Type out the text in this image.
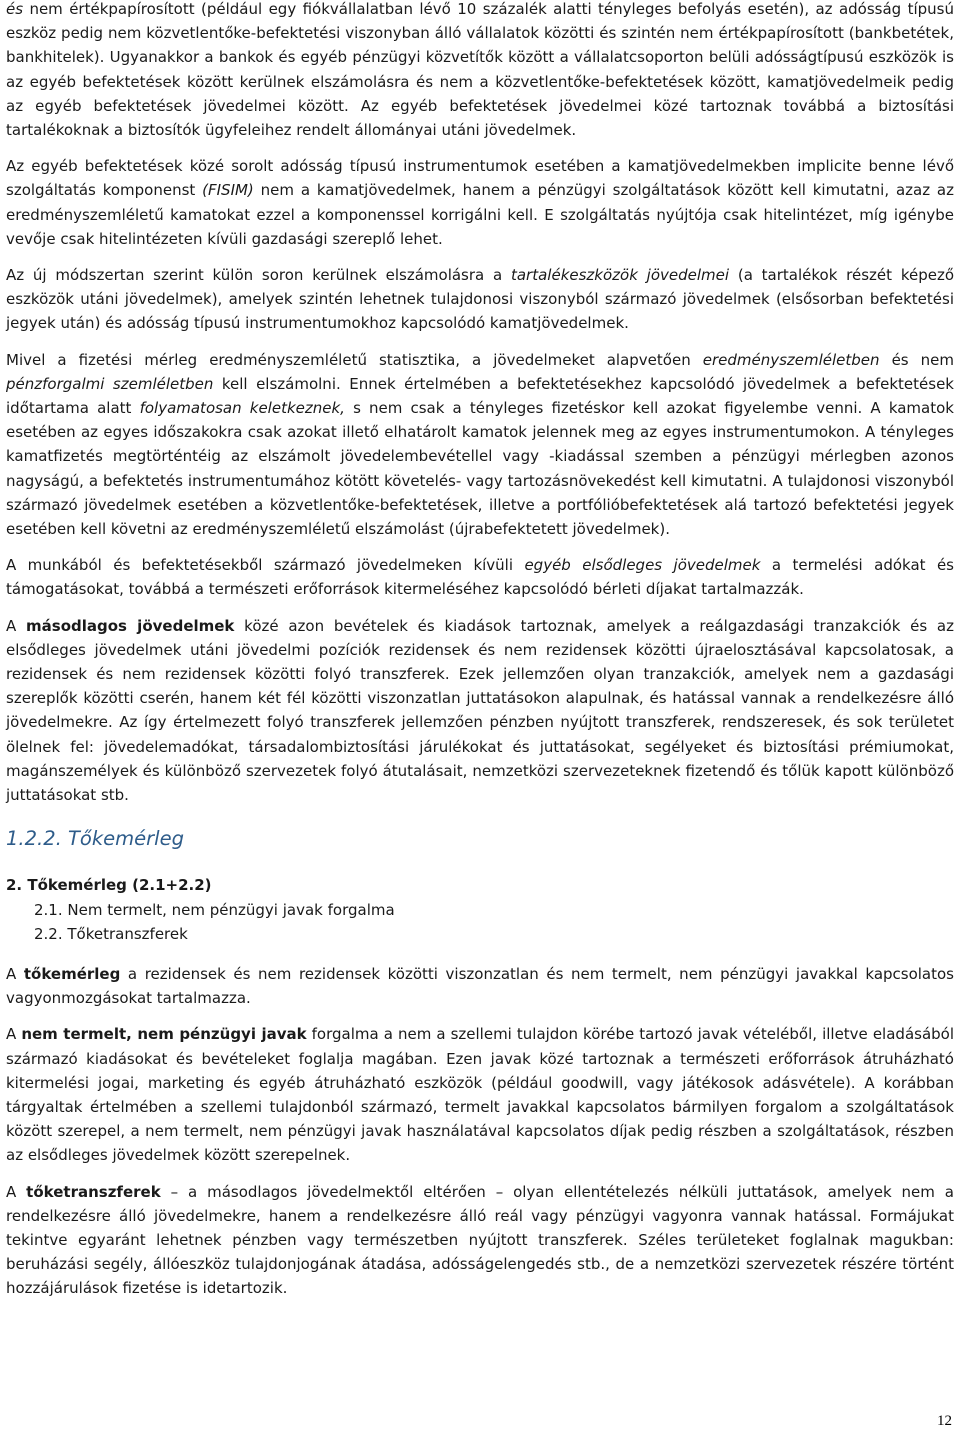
és nem értékpapírosított (például egy fiókvállalatban lévő 10 százalék alatti tényleges befolyás esetén), az adósság típusú eszköz pedig nem közvetlentőke-befektetési viszonyban álló vállalatok közötti és szintén nem értékpapírosított (bankbetétek, bankhitelek). Ugyanakkor a bankok és egyéb pénzügyi közvetítők között a vállalatcsoporton belüli adósságtípusú eszközök is az egyéb befektetések között kerülnek elszámolásra és nem a közvetlentőke-befektetések között, kamatjövedelmeik pedig az egyéb befektetések jövedelmei között. Az egyéb befektetések jövedelmei közé tartoznak továbbá a biztosítási tartalékoknak a biztosítók ügyfeleihez rendelt állományai utáni jövedelmek.

Az egyéb befektetések közé sorolt adósság típusú instrumentumok esetében a kamatjövedelmekben implicite benne lévő szolgáltatás komponenst (FISIM) nem a kamatjövedelmek, hanem a pénzügyi szolgáltatások között kell kimutatni, azaz az eredményszemléletű kamatokat ezzel a komponenssel korrigálni kell. E szolgáltatás nyújtója csak hitelintézet, míg igénybe vevője csak hitelintézeten kívüli gazdasági szereplő lehet.

Az új módszertan szerint külön soron kerülnek elszámolásra a tartalékeszközök jövedelmei (a tartalékok részét képező eszközök utáni jövedelmek), amelyek szintén lehetnek tulajdonosi viszonyból származó jövedelmek (elsősorban befektetési jegyek után) és adósság típusú instrumentumokhoz kapcsolódó kamatjövedelmek.

Mivel a fizetési mérleg eredményszemléletű statisztika, a jövedelmeket alapvetően eredményszemléletben és nem pénzforgalmi szemléletben kell elszámolni. Ennek értelmében a befektetésekhez kapcsolódó jövedelmek a befektetések időtartama alatt folyamatosan keletkeznek, s nem csak a tényleges fizetéskor kell azokat figyelembe venni. A kamatok esetében az egyes időszakokra csak azokat illető elhatárolt kamatok jelennek meg az egyes instrumentumokon. A tényleges kamatfizetés megtörténtéig az elszámolt jövedelembevétellel vagy -kiadással szemben a pénzügyi mérlegben azonos nagyságú, a befektetés instrumentumához kötött követelés- vagy tartozásnövekedést kell kimutatni. A tulajdonosi viszonyból származó jövedelmek esetében a közvetlentőke-befektetések, illetve a portfólióbefektetések alá tartozó befektetési jegyek esetében kell követni az eredményszemléletű elszámolást (újrabefektetett jövedelmek).

A munkából és befektetésekből származó jövedelmeken kívüli egyéb elsődleges jövedelmek a termelési adókat és támogatásokat, továbbá a természeti erőforrások kitermeléséhez kapcsolódó bérleti díjakat tartalmazzák.

A másodlagos jövedelmek közé azon bevételek és kiadások tartoznak, amelyek a reálgazdasági tranzakciók és az elsődleges jövedelmek utáni jövedelmi pozíciók rezidensek és nem rezidensek közötti újraelosztásával kapcsolatosak, a rezidensek és nem rezidensek közötti folyó transzferek. Ezek jellemzően olyan tranzakciók, amelyek nem a gazdasági szereplők közötti cserén, hanem két fél közötti viszonzatlan juttatásokon alapulnak, és hatással vannak a rendelkezésre álló jövedelmekre. Az így értelmezett folyó transzferek jellemzően pénzben nyújtott transzferek, rendszeresek, és sok területet ölelnek fel: jövedelemadókat, társadalombiztosítási járulékokat és juttatásokat, segélyeket és biztosítási prémiumokat, magánszemélyek és különböző szervezetek folyó átutalásait, nemzetközi szervezeteknek fizetendő és tőlük kapott különböző juttatásokat stb.

1.2.2. Tőkemérleg

2. Tőkemérleg (2.1+2.2)

2.1. Nem termelt, nem pénzügyi javak forgalma
2.2. Tőketranszferek

A tőkemérleg a rezidensek és nem rezidensek közötti viszonzatlan és nem termelt, nem pénzügyi javakkal kapcsolatos vagyonmozgásokat tartalmazza.

A nem termelt, nem pénzügyi javak forgalma a nem a szellemi tulajdon körébe tartozó javak vételéből, illetve eladásából származó kiadásokat és bevételeket foglalja magában. Ezen javak közé tartoznak a természeti erőforrások átruházható kitermelési jogai, marketing és egyéb átruházható eszközök (például goodwill, vagy játékosok adásvétele). A korábban tárgyaltak értelmében a szellemi tulajdonból származó, termelt javakkal kapcsolatos bármilyen forgalom a szolgáltatások között szerepel, a nem termelt, nem pénzügyi javak használatával kapcsolatos díjak pedig részben a szolgáltatások, részben az elsődleges jövedelmek között szerepelnek.

A tőketranszferek – a másodlagos jövedelmektől eltérően – olyan ellentételezés nélküli juttatások, amelyek nem a rendelkezésre álló jövedelmekre, hanem a rendelkezésre álló reál vagy pénzügyi vagyonra vannak hatással. Formájukat tekintve egyaránt lehetnek pénzben vagy természetben nyújtott transzferek. Széles területeket foglalnak magukban: beruházási segély, állóeszköz tulajdonjogának átadása, adósságelengedés stb., de a nemzetközi szervezetek részére történt hozzájárulások fizetése is idetartozik.

12
